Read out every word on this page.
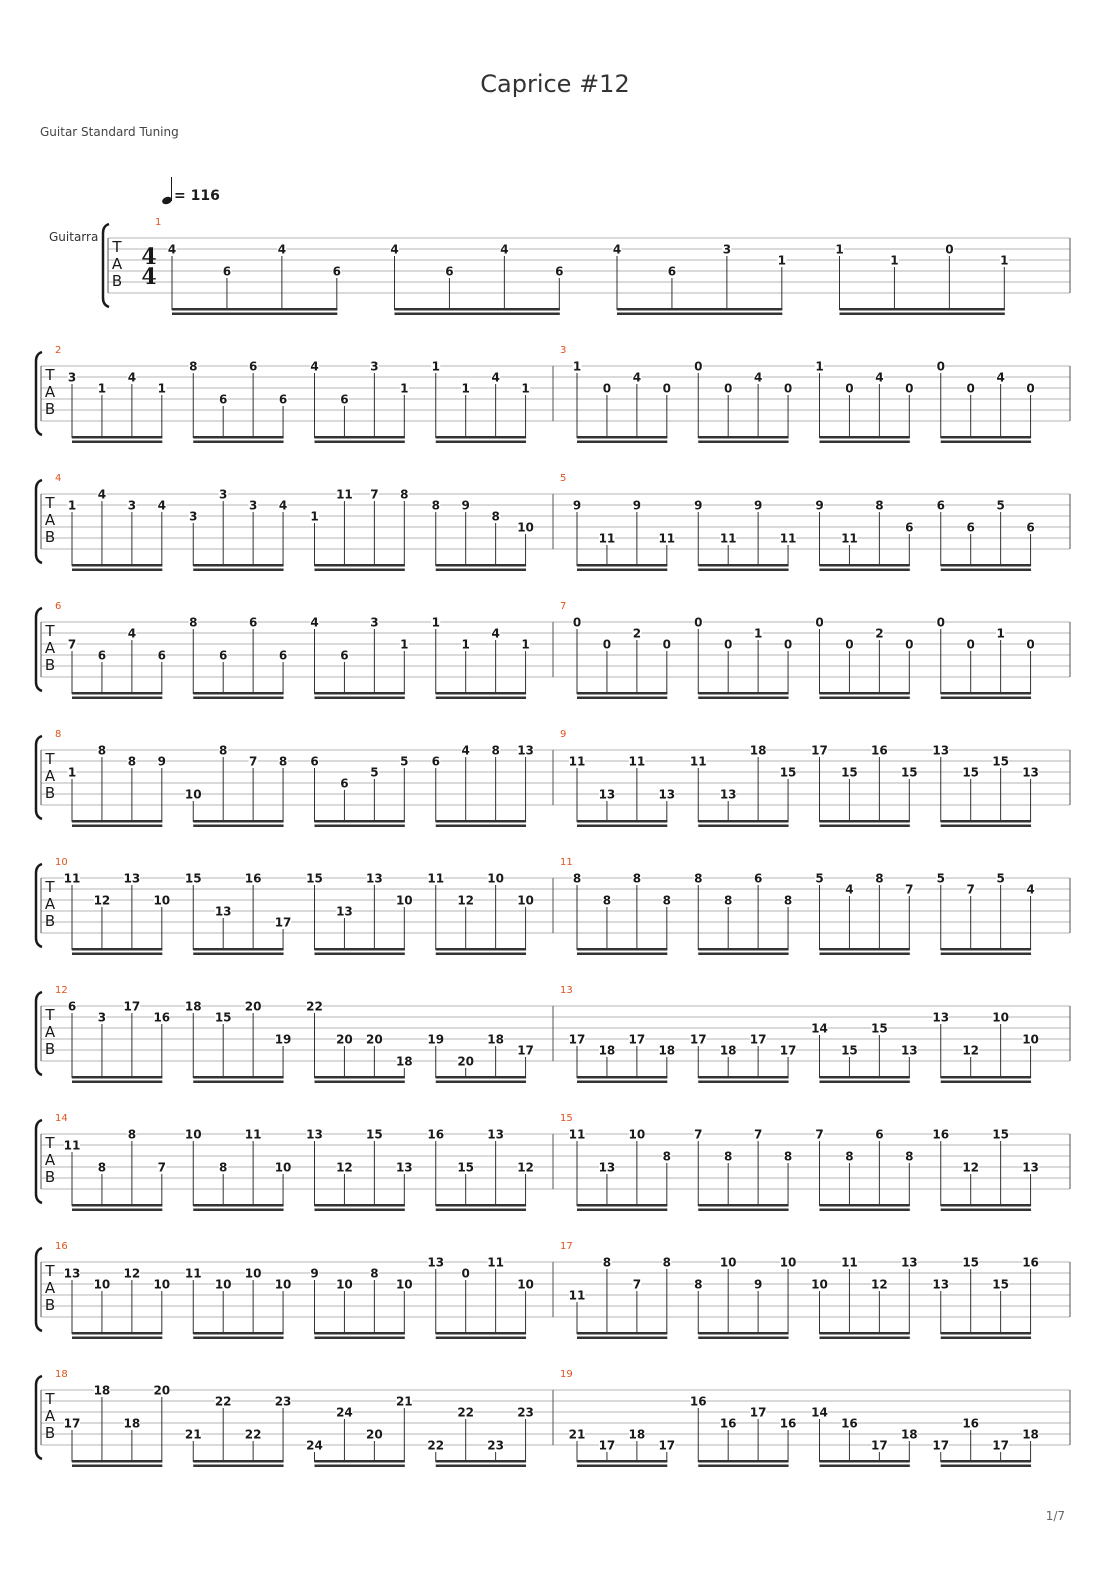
Caprice #12
Guitar Standard Tuning
= 116
Guitarra
T
A
B
4
4
1
4
6
4
6
4
6
4
6
4
6
3
1
1
1
0
1
T
A
B
2
3
1
4
1
8
6
6
6
4
6
3
1
1
1
4
1
3
1
0
4
0
0
0
4
0
1
0
4
0
0
0
4
0
T
A
B
4
1
4
3 4
3
3
3 4
1
11 7 8
8 9
8
10
5
9
11
9
11
9
11
9
11
9
11
8
6
6
6
5
6
T
A
B
6
7
6
4
6
8
6
6
6
4
6
3
1
1
1
4
1
7
0
0
2
0
0
0
1
0
0
0
2
0
0
0
1
0
T
A
B
8
1
8
8 9
10
8
7 8 6
6
5
5 6
4 8 13
9
11
13
11
13
11
13
18
15
17
15
16
15
13
15
15
13
T
A
B
10
11
12
13
10
15
13
16
17
15
13
13
10
11
12
10
10
11
8
8
8
8
8
8
6
8
5
4
8
7
5
7
5
4
T
A
B
12
6
3
17
16
18
15
20
19
22
20 20
18
19
20
18
17
13
17
18
17
18
17
18
17
17
14
15
15
13
13
12
10
10
T
A
B
14
11
8
8
7
10
8
11
10
13
12
15
13
16
15
13
12
15
11
13
10
8
7
8
7
8
7
8
6
8
16
12
15
13
T
A
B
16
13
10
12
10
11
10
10
10
9
10
8
10
13
0
11
10
17
11
8
7
8
8
10
9
10
10
11
12
13
13
15
15
16
T
A
B
18
17
18
18
20
21
22
22
23
24
24
20
21
22
22
23
23
19
21
17
18
17
16
16
17
16
14
16
17
18
17
16
17
18
1/7
